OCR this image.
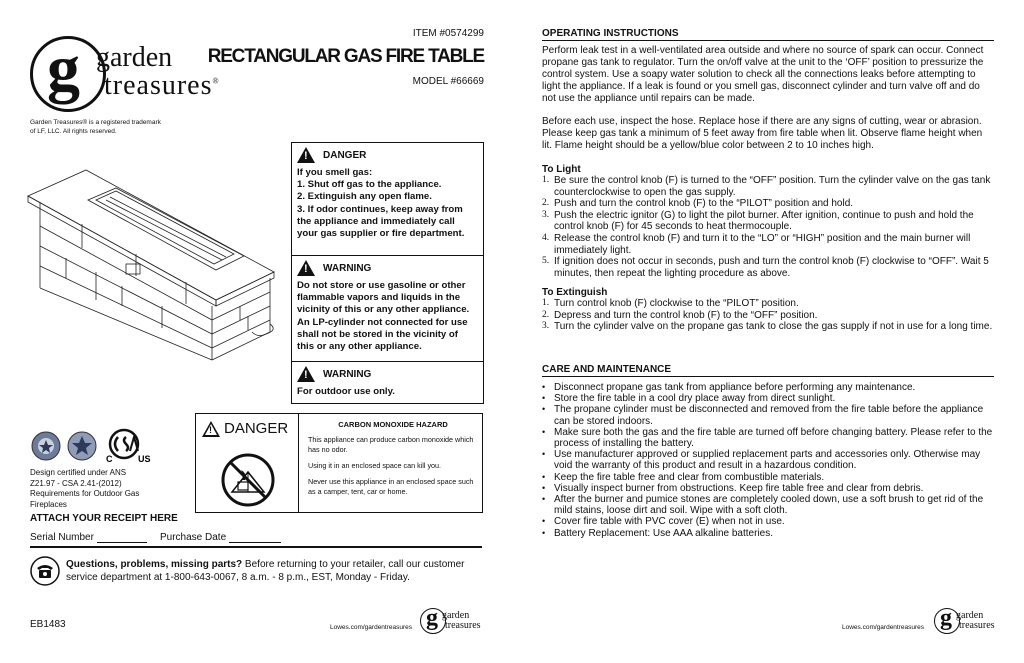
g garden
treasures®
Garden Treasures® is a registered trademark
of LF, LLC. All rights reserved.
ITEM #0574299
RECTANGULAR GAS FIRE TABLE
MODEL #66669
!
DANGER
If you smell gas:
1. Shut off gas to the appliance.
2. Extinguish any open flame.
3. If odor continues, keep away from
the appliance and immediately call
your gas supplier or fire department.
!
WARNING
Do not store or use gasoline or other
flammable vapors and liquids in the
vicinity of this or any other appliance.
An LP-cylinder not connected for use
shall not be stored in the vicinity of
this or any other appliance.
!
WARNING
For outdoor use only.
!
DANGER	CARBON MONOXIDE HAZARD
This appliance can produce carbon monoxide which has no odor.
Using it in an enclosed space can kill you.
Never use this appliance in an enclosed space such as a camper, tent, car or home.
C	US
Design certified under ANS
Z21.97 - CSA 2.41-(2012)
Requirements for Outdoor Gas
Fireplaces
ATTACH YOUR RECEIPT HERE
Serial Number	Purchase Date
Questions, problems, missing parts? Before returning to your retailer, call our customer service department at 1-800-643-0067, 8 a.m. - 8 p.m., EST, Monday - Friday.
EB1483	Lowes.com/gardentreasures g garden
treasures
OPERATING INSTRUCTIONS
Perform leak test in a well-ventilated area outside and where no source of spark can occur. Connect propane gas tank to regulator. Turn the on/off valve at the unit to the ‘OFF’ position to pressurize the control system. Use a soapy water solution to check all the connections leaks before attempting to light the appliance. If a leak is found or you smell gas, disconnect cylinder and turn valve off and do not use the appliance until repairs can be made.
Before each use, inspect the hose. Replace hose if there are any signs of cutting, wear or abrasion. Please keep gas tank a minimum of 5 feet away from fire table when lit. Observe flame height when lit. Flame height should be a yellow/blue color between 2 to 10 inches high.
To Light
1. Be sure the control knob (F) is turned to the “OFF” position. Turn the cylinder valve on the gas tank counterclockwise to open the gas supply.
2. Push and turn the control knob (F) to the “PILOT” position and hold.
3. Push the electric ignitor (G) to light the pilot burner. After ignition, continue to push and hold the control knob (F) for 45 seconds to heat thermocouple.
4. Release the control knob (F) and turn it to the “LO” or “HIGH” position and the main burner will immediately light.
5. If ignition does not occur in seconds, push and turn the control knob (F) clockwise to “OFF”. Wait 5 minutes, then repeat the lighting procedure as above.
To Extinguish
1. Turn control knob (F) clockwise to the “PILOT” position.
2. Depress and turn the control knob (F) to the “OFF” position.
3. Turn the cylinder valve on the propane gas tank to close the gas supply if not in use for a long time.
CARE AND MAINTENANCE
• Disconnect propane gas tank from appliance before performing any maintenance.
• Store the fire table in a cool dry place away from direct sunlight.
• The propane cylinder must be disconnected and removed from the fire table before the appliance can be stored indoors.
• Make sure both the gas and the fire table are turned off before changing battery. Please refer to the process of installing the battery.
• Use manufacturer approved or supplied replacement parts and accessories only. Otherwise may void the warranty of this product and result in a hazardous condition.
• Keep the fire table free and clear from combustible materials.
• Visually inspect burner from obstructions. Keep fire table free and clear from debris.
• After the burner and pumice stones are completely cooled down, use a soft brush to get rid of the mild stains, loose dirt and soil. Wipe with a soft cloth.
• Cover fire table with PVC cover (E) when not in use.
• Battery Replacement: Use AAA alkaline batteries.
Lowes.com/gardentreasures g garden
treasures
